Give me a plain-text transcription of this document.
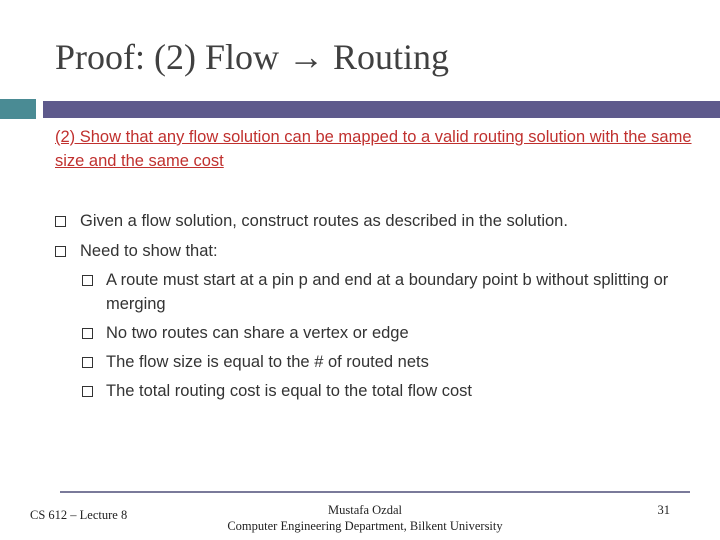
Proof: (2) Flow → Routing
(2) Show that any flow solution can be mapped to a valid routing solution with the same size and the same cost
Given a flow solution, construct routes as described in the solution.
Need to show that:
A route must start at a pin p and end at a boundary point b without splitting or merging
No two routes can share a vertex or edge
The flow size is equal to the # of routed nets
The total routing cost is equal to the total flow cost
CS 612 – Lecture 8	Mustafa Ozdal
Computer Engineering Department, Bilkent University
31
